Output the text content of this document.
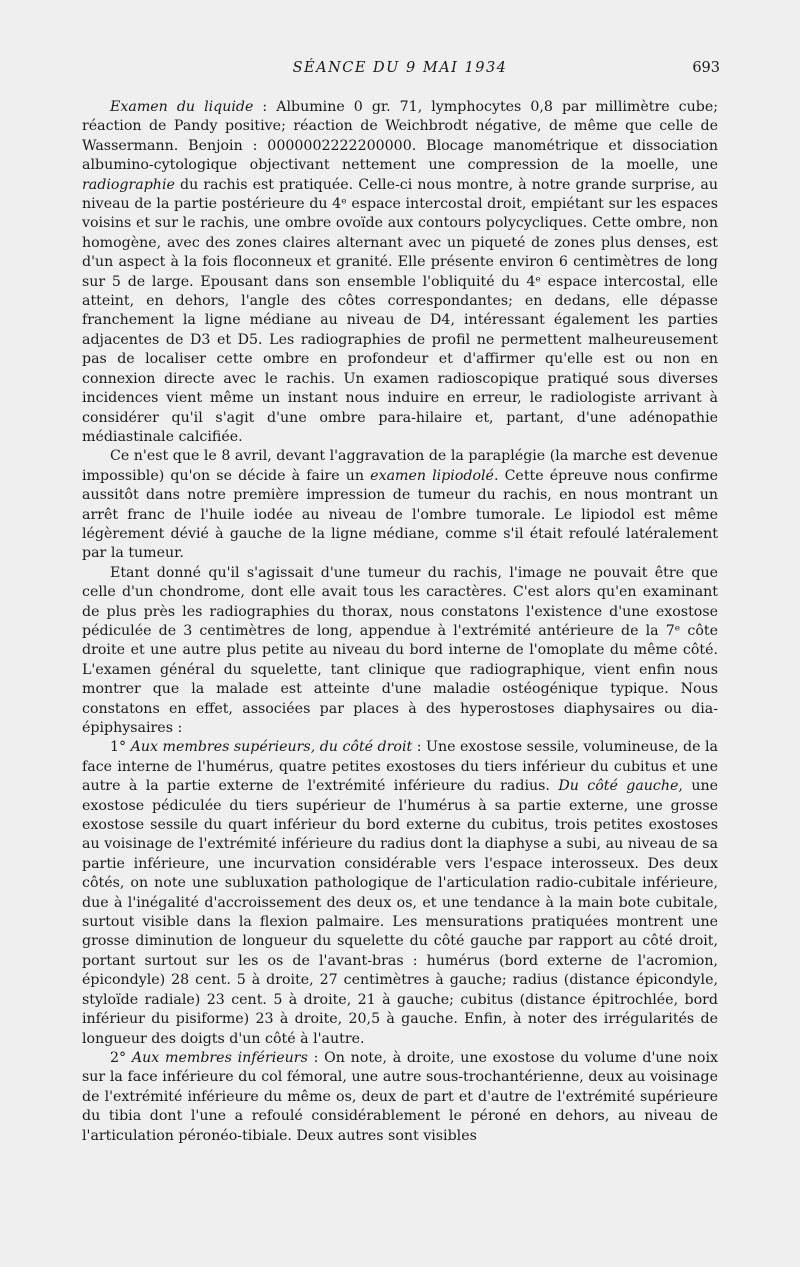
SÉANCE DU 9 MAI 1934	693

Examen du liquide : Albumine 0 gr. 71, lymphocytes 0,8 par millimètre cube; réaction de Pandy positive; réaction de Weichbrodt négative, de même que celle de Wassermann. Benjoin : 0000002222200000. Blocage manométrique et dissociation albumino-cytologique objectivant nettement une compression de la moelle, une radiographie du rachis est pratiquée. Celle-ci nous montre, à notre grande surprise, au niveau de la partie postérieure du 4ᵉ espace intercostal droit, empiétant sur les espaces voisins et sur le rachis, une ombre ovoïde aux contours polycycliques. Cette ombre, non homogène, avec des zones claires alternant avec un piqueté de zones plus denses, est d'un aspect à la fois floconneux et granité. Elle présente environ 6 centimètres de long sur 5 de large. Epousant dans son ensemble l'obliquité du 4ᵉ espace intercostal, elle atteint, en dehors, l'angle des côtes correspondantes; en dedans, elle dépasse franchement la ligne médiane au niveau de D4, intéressant également les parties adjacentes de D3 et D5. Les radiographies de profil ne permettent malheureusement pas de localiser cette ombre en profondeur et d'affirmer qu'elle est ou non en connexion directe avec le rachis. Un examen radioscopique pratiqué sous diverses incidences vient même un instant nous induire en erreur, le radiologiste arrivant à considérer qu'il s'agit d'une ombre para-hilaire et, partant, d'une adénopathie médiastinale calcifiée.

Ce n'est que le 8 avril, devant l'aggravation de la paraplégie (la marche est devenue impossible) qu'on se décide à faire un examen lipiodolé. Cette épreuve nous confirme aussitôt dans notre première impression de tumeur du rachis, en nous montrant un arrêt franc de l'huile iodée au niveau de l'ombre tumorale. Le lipiodol est même légèrement dévié à gauche de la ligne médiane, comme s'il était refoulé latéralement par la tumeur.

Etant donné qu'il s'agissait d'une tumeur du rachis, l'image ne pouvait être que celle d'un chondrome, dont elle avait tous les caractères. C'est alors qu'en examinant de plus près les radiographies du thorax, nous constatons l'existence d'une exostose pédiculée de 3 centimètres de long, appendue à l'extrémité antérieure de la 7ᵉ côte droite et une autre plus petite au niveau du bord interne de l'omoplate du même côté. L'examen général du squelette, tant clinique que radiographique, vient enfin nous montrer que la malade est atteinte d'une maladie ostéogénique typique. Nous constatons en effet, associées par places à des hyperostoses diaphysaires ou dia-épiphysaires :

1° Aux membres supérieurs, du côté droit : Une exostose sessile, volumineuse, de la face interne de l'humérus, quatre petites exostoses du tiers inférieur du cubitus et une autre à la partie externe de l'extrémité inférieure du radius. Du côté gauche, une exostose pédiculée du tiers supérieur de l'humérus à sa partie externe, une grosse exostose sessile du quart inférieur du bord externe du cubitus, trois petites exostoses au voisinage de l'extrémité inférieure du radius dont la diaphyse a subi, au niveau de sa partie inférieure, une incurvation considérable vers l'espace interosseux. Des deux côtés, on note une subluxation pathologique de l'articulation radio-cubitale inférieure, due à l'inégalité d'accroissement des deux os, et une tendance à la main bote cubitale, surtout visible dans la flexion palmaire. Les mensurations pratiquées montrent une grosse diminution de longueur du squelette du côté gauche par rapport au côté droit, portant surtout sur les os de l'avant-bras : humérus (bord externe de l'acromion, épicondyle) 28 cent. 5 à droite, 27 centimètres à gauche; radius (distance épicondyle, styloïde radiale) 23 cent. 5 à droite, 21 à gauche; cubitus (distance épitrochlée, bord inférieur du pisiforme) 23 à droite, 20,5 à gauche. Enfin, à noter des irrégularités de longueur des doigts d'un côté à l'autre.

2° Aux membres inférieurs : On note, à droite, une exostose du volume d'une noix sur la face inférieure du col fémoral, une autre sous-trochantérienne, deux au voisinage de l'extrémité inférieure du même os, deux de part et d'autre de l'extrémité supérieure du tibia dont l'une a refoulé considérablement le péroné en dehors, au niveau de l'articulation péronéo-tibiale. Deux autres sont visibles
